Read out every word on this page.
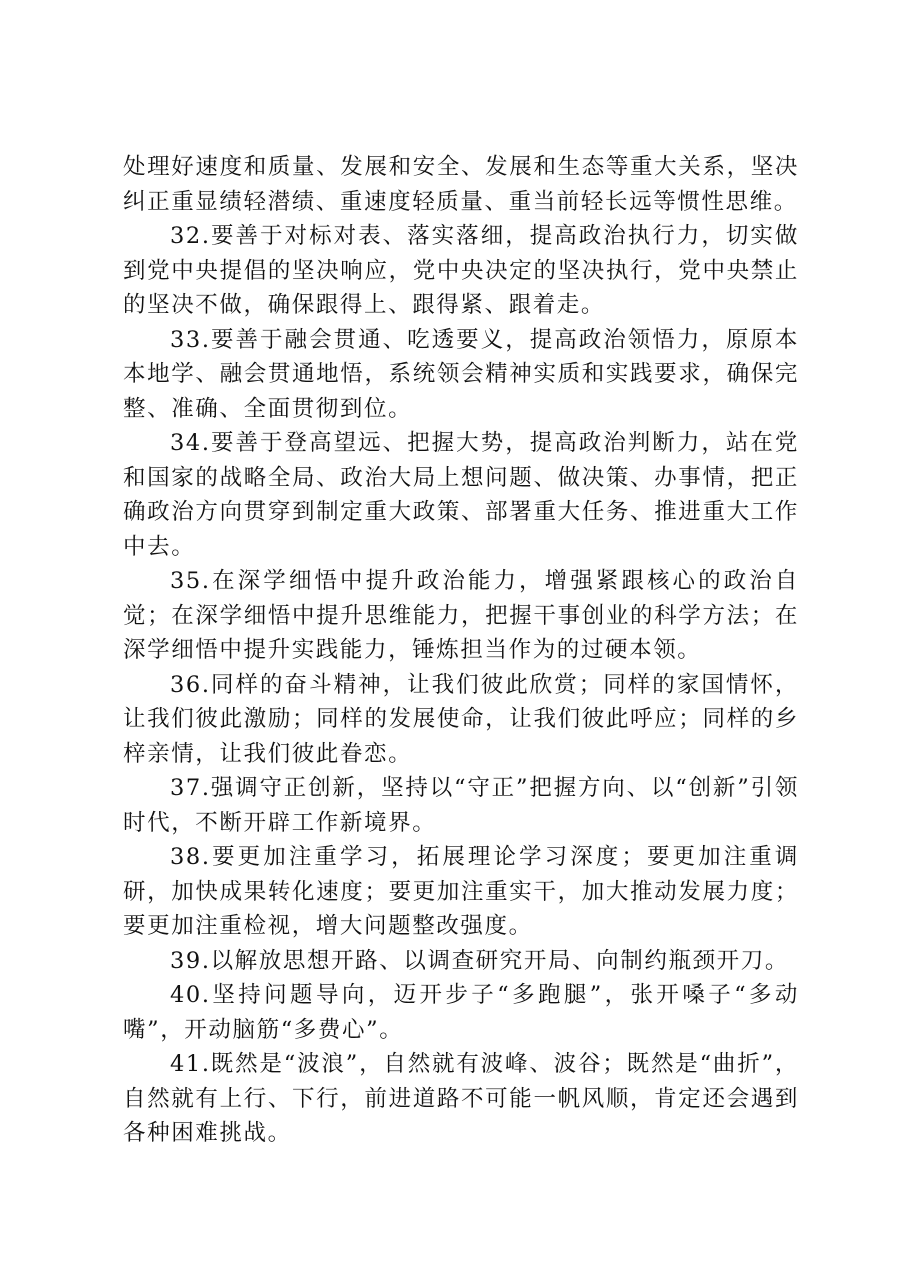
处理好速度和质量、发展和安全、发展和生态等重大关系，坚决纠正重显绩轻潜绩、重速度轻质量、重当前轻长远等惯性思维。

32.要善于对标对表、落实落细，提高政治执行力，切实做到党中央提倡的坚决响应，党中央决定的坚决执行，党中央禁止的坚决不做，确保跟得上、跟得紧、跟着走。

33.要善于融会贯通、吃透要义，提高政治领悟力，原原本本地学、融会贯通地悟，系统领会精神实质和实践要求，确保完整、准确、全面贯彻到位。

34.要善于登高望远、把握大势，提高政治判断力，站在党和国家的战略全局、政治大局上想问题、做决策、办事情，把正确政治方向贯穿到制定重大政策、部署重大任务、推进重大工作中去。

35.在深学细悟中提升政治能力，增强紧跟核心的政治自觉；在深学细悟中提升思维能力，把握干事创业的科学方法；在深学细悟中提升实践能力，锤炼担当作为的过硬本领。

36.同样的奋斗精神，让我们彼此欣赏；同样的家国情怀，让我们彼此激励；同样的发展使命，让我们彼此呼应；同样的乡梓亲情，让我们彼此眷恋。

37.强调守正创新，坚持以“守正”把握方向、以“创新”引领时代，不断开辟工作新境界。

38.要更加注重学习，拓展理论学习深度；要更加注重调研，加快成果转化速度；要更加注重实干，加大推动发展力度；要更加注重检视，增大问题整改强度。

39.以解放思想开路、以调查研究开局、向制约瓶颈开刀。

40.坚持问题导向，迈开步子“多跑腿”，张开嗓子“多动嘴”，开动脑筋“多费心”。

41.既然是“波浪”，自然就有波峰、波谷；既然是“曲折”，自然就有上行、下行，前进道路不可能一帆风顺，肯定还会遇到各种困难挑战。
